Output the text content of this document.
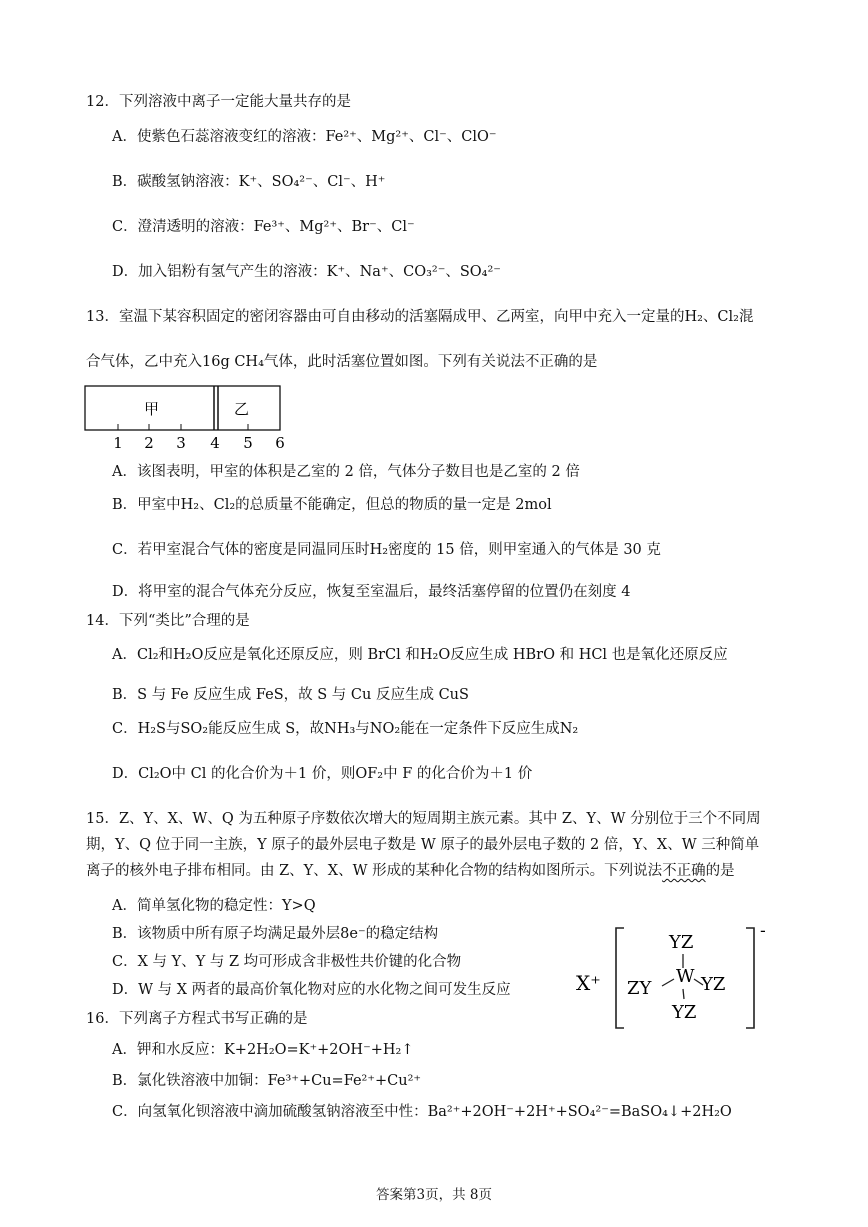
12．下列溶液中离子一定能大量共存的是
A．使紫色石蕊溶液变红的溶液：Fe²⁺、Mg²⁺、Cl⁻、ClO⁻
B．碳酸氢钠溶液：K⁺、SO₄²⁻、Cl⁻、H⁺
C．澄清透明的溶液：Fe³⁺、Mg²⁺、Br⁻、Cl⁻
D．加入铝粉有氢气产生的溶液：K⁺、Na⁺、CO₃²⁻、SO₄²⁻
13．室温下某容积固定的密闭容器由可自由移动的活塞隔成甲、乙两室，向甲中充入一定量的H₂、Cl₂混
合气体，乙中充入16g CH₄气体，此时活塞位置如图。下列有关说法不正确的是
甲	乙
1 2 3 4 5 6
A．该图表明，甲室的体积是乙室的 2 倍，气体分子数目也是乙室的 2 倍
B．甲室中H₂、Cl₂的总质量不能确定，但总的物质的量一定是 2mol
C．若甲室混合气体的密度是同温同压时H₂密度的 15 倍，则甲室通入的气体是 30 克
D．将甲室的混合气体充分反应，恢复至室温后，最终活塞停留的位置仍在刻度 4
14．下列“类比”合理的是
A．Cl₂和H₂O反应是氧化还原反应，则 BrCl 和H₂O反应生成 HBrO 和 HCl 也是氧化还原反应
B．S 与 Fe 反应生成 FeS，故 S 与 Cu 反应生成 CuS
C．H₂S与SO₂能反应生成 S，故NH₃与NO₂能在一定条件下反应生成N₂
D．Cl₂O中 Cl 的化合价为＋1 价，则OF₂中 F 的化合价为＋1 价
15．Z、Y、X、W、Q 为五种原子序数依次增大的短周期主族元素。其中 Z、Y、W 分别位于三个不同周
期，Y、Q 位于同一主族，Y 原子的最外层电子数是 W 原子的最外层电子数的 2 倍，Y、X、W 三种简单
离子的核外电子排布相同。由 Z、Y、X、W 形成的某种化合物的结构如图所示。下列说法不正确的是
A．简单氢化物的稳定性：Y>Q
B．该物质中所有原子均满足最外层8e⁻的稳定结构
C．X 与 Y、Y 与 Z 均可形成含非极性共价键的化合物
D．W 与 X 两者的最高价氧化物对应的水化物之间可发生反应	X⁺
-
YZ
W
ZY	YZ
YZ
16．下列离子方程式书写正确的是
A．钾和水反应：K+2H₂O=K⁺+2OH⁻+H₂↑
B．氯化铁溶液中加铜：Fe³⁺+Cu=Fe²⁺+Cu²⁺
C．向氢氧化钡溶液中滴加硫酸氢钠溶液至中性：Ba²⁺+2OH⁻+2H⁺+SO₄²⁻=BaSO₄↓+2H₂O
答案第3页，共 8页
